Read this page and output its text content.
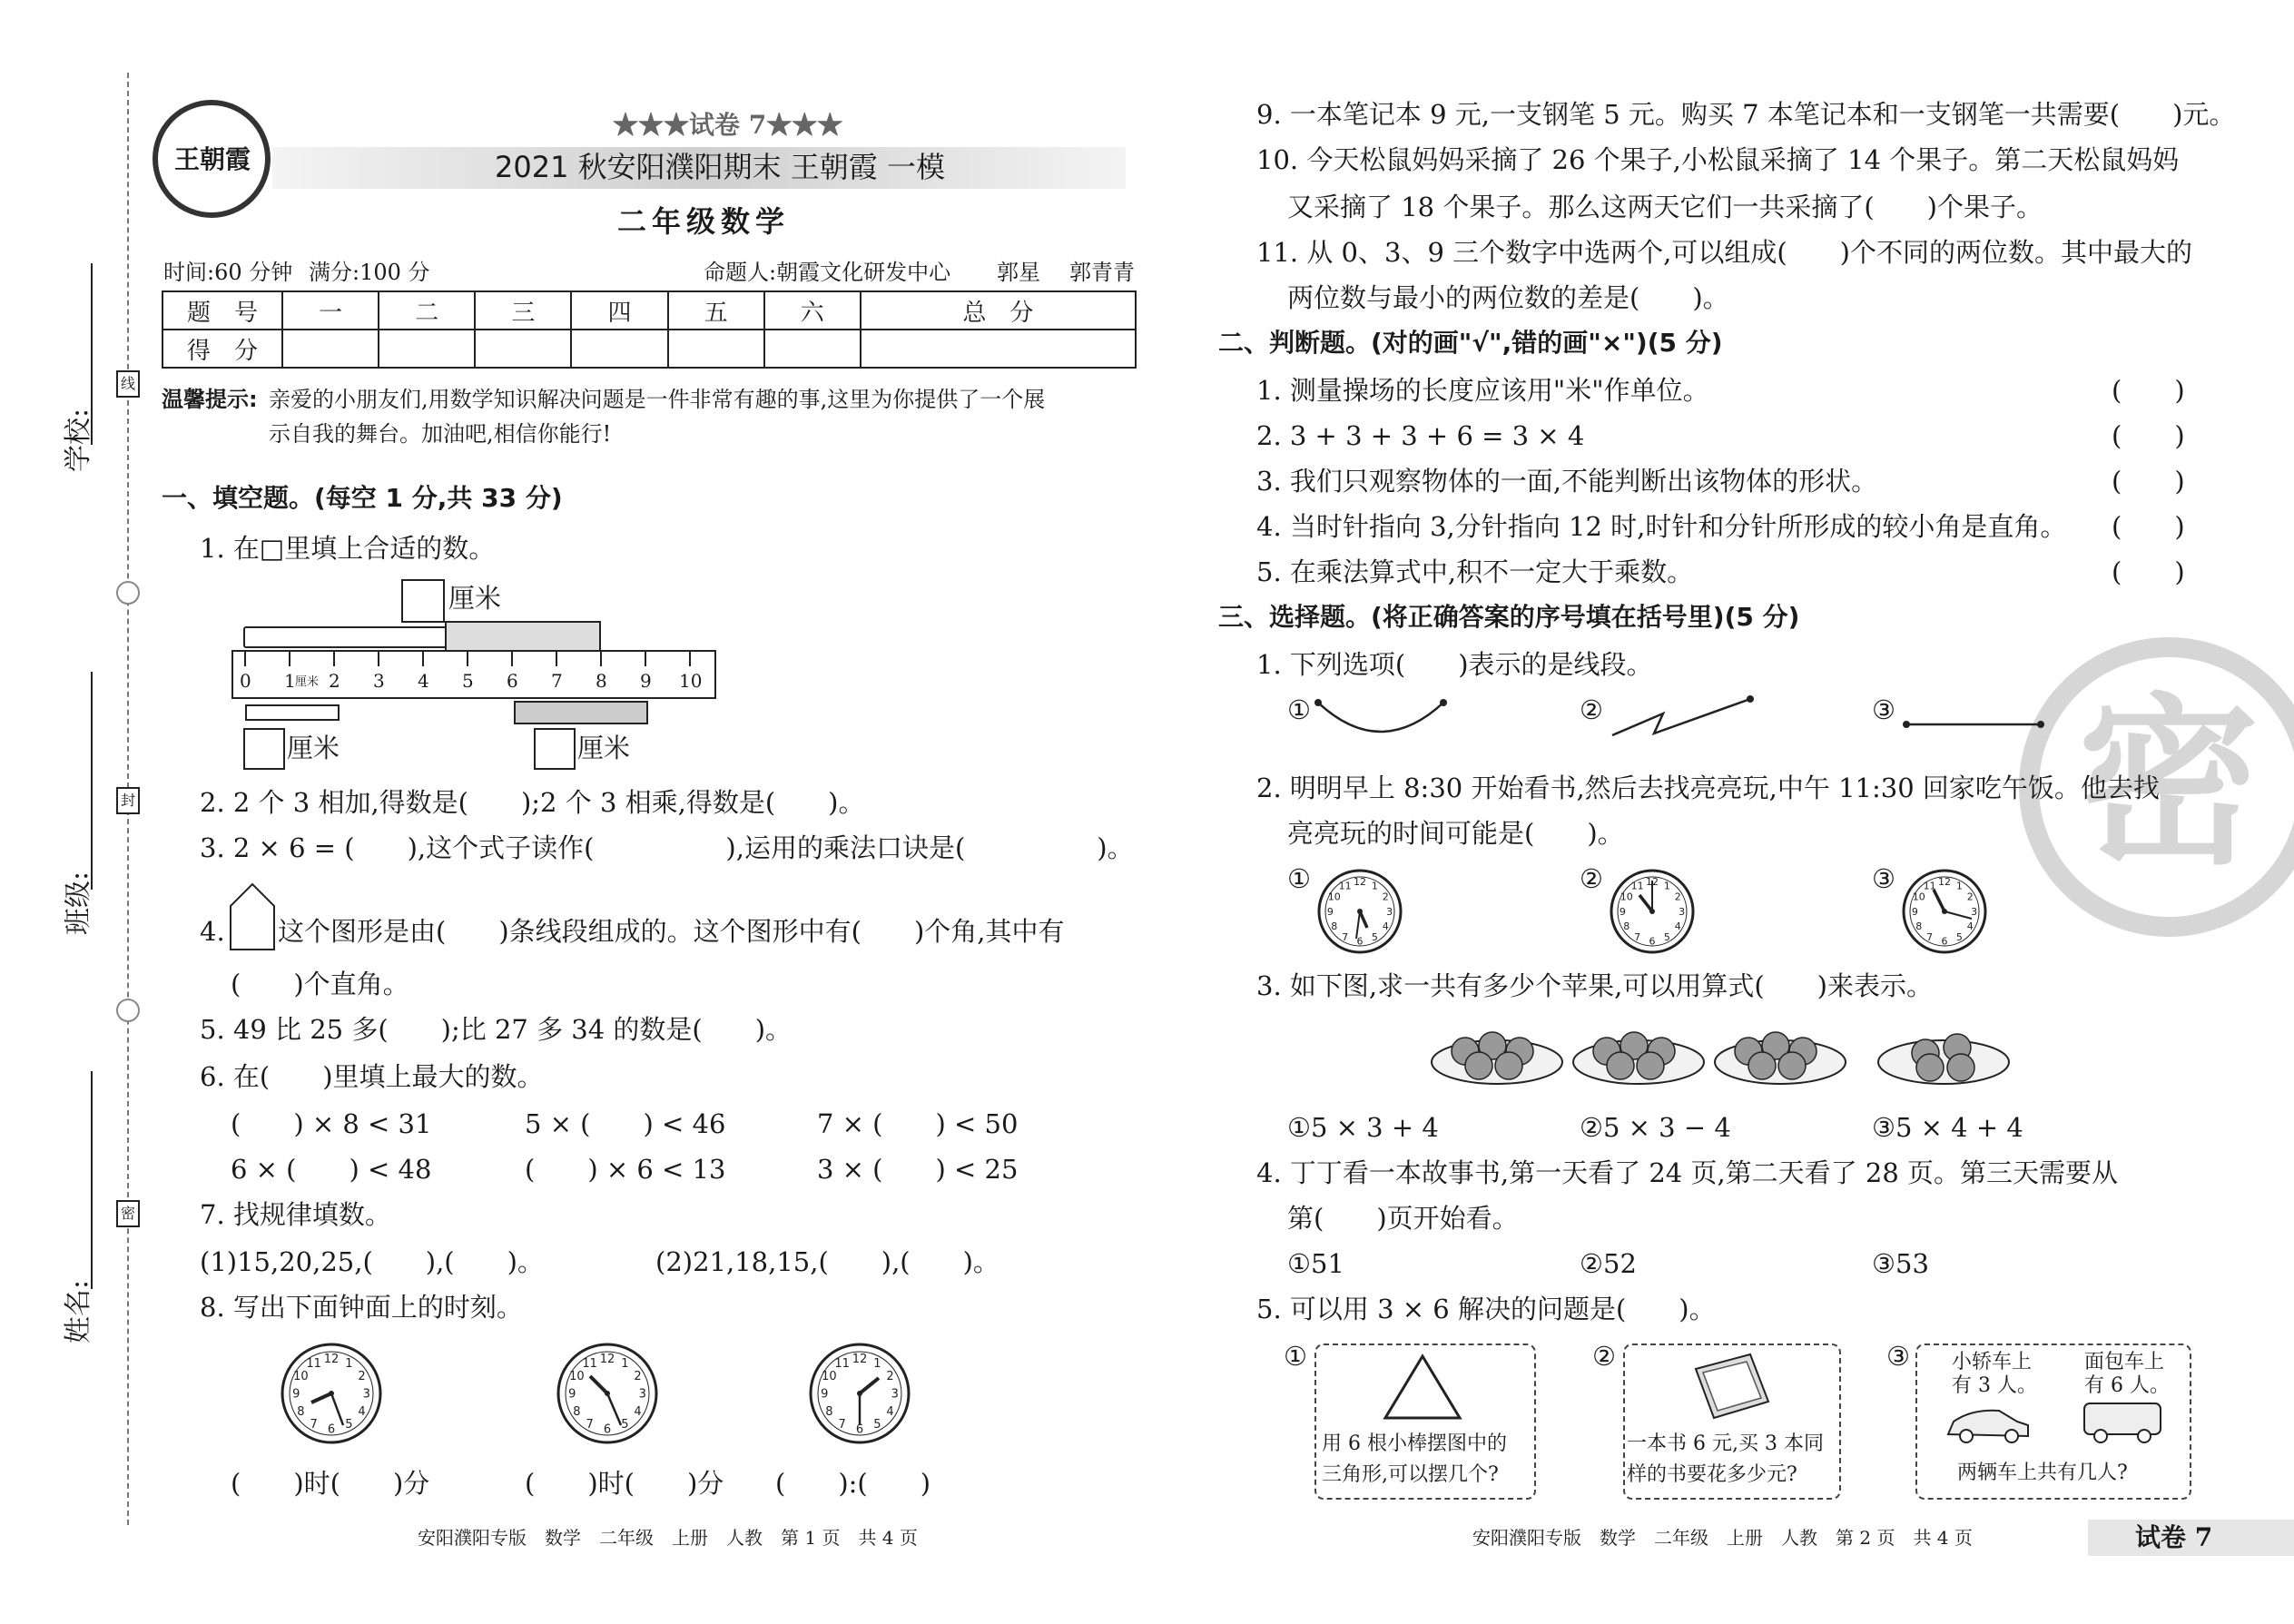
学校:
班级:
姓名:
线
封
密
王朝霞
★★★试卷 7★★★
2021 秋安阳濮阳期末 王朝霞 一模
二年级数学
时间:60 分钟 满分:100 分	命题人:朝霞文化研发中心 郭星 郭青青
题　号	一	二	三	四	五	六	总　分
得　分							
温馨提示: 亲爱的小朋友们,用数学知识解决问题是一件非常有趣的事,这里为你提供了一个展
示自我的舞台。加油吧,相信你能行!
一、填空题。(每空 1 分,共 33 分)
1. 在□里填上合适的数。
厘米
0 1 厘米 2 3 4 5 6 7 8 9 10
厘米	厘米
2. 2 个 3 相加,得数是(　　);2 个 3 相乘,得数是(　　)。
3. 2 × 6 = (　　),这个式子读作(　　　　　),运用的乘法口诀是(　　　　　)。
4. 这个图形是由(　　)条线段组成的。这个图形中有(　　)个角,其中有
(　　)个直角。
5. 49 比 25 多(　　);比 27 多 34 的数是(　　)。
6. 在(　　)里填上最大的数。
(　　) × 8 < 31	5 × (　　) < 46	7 × (　　) < 50
6 × (　　) < 48	(　　) × 6 < 13	3 × (　　) < 25
7. 找规律填数。
(1)15,20,25,(　　),(　　)。	(2)21,18,15,(　　),(　　)。
8. 写出下面钟面上的时刻。
12 1
2
3
4
5
6
7
8
9
10
11	12 1
2
3
4
5
6
7
8
9
10
11	12 1
2
3
4
5
6
7
8
9
10
11
(　　)时(　　)分	(　　)时(　　)分 (　　):(　　)
安阳濮阳专版　数学　二年级　上册　人教　第 1 页　共 4 页
密
9. 一本笔记本 9 元,一支钢笔 5 元。购买 7 本笔记本和一支钢笔一共需要(　　)元。
10. 今天松鼠妈妈采摘了 26 个果子,小松鼠采摘了 14 个果子。第二天松鼠妈妈
又采摘了 18 个果子。那么这两天它们一共采摘了(　　)个果子。
11. 从 0、3、9 三个数字中选两个,可以组成(　　)个不同的两位数。其中最大的
两位数与最小的两位数的差是(　　)。
二、判断题。(对的画"√",错的画"×")(5 分)
1. 测量操场的长度应该用"米"作单位。	(　　)
2. 3 + 3 + 3 + 6 = 3 × 4	(　　)
3. 我们只观察物体的一面,不能判断出该物体的形状。	(　　)
4. 当时针指向 3,分针指向 12 时,时针和分针所形成的较小角是直角。 (　　)
5. 在乘法算式中,积不一定大于乘数。	(　　)
三、选择题。(将正确答案的序号填在括号里)(5 分)
1. 下列选项(　　)表示的是线段。
①	②	③
2. 明明早上 8:30 开始看书,然后去找亮亮玩,中午 11:30 回家吃午饭。他去找
亮亮玩的时间可能是(　　)。
①	12 1
2
3
4
5
6
7
8
9
10
11	②	12 1
2
3
4
5
6
7
8
9
10
11	③	12 1
2
3
4
5
6
7
8
9
10
11
3. 如下图,求一共有多少个苹果,可以用算式(　　)来表示。
①5 × 3 + 4	②5 × 3 − 4	③5 × 4 + 4
4. 丁丁看一本故事书,第一天看了 24 页,第二天看了 28 页。第三天需要从
第(　　)页开始看。
①51	②52	③53
5. 可以用 3 × 6 解决的问题是(　　)。
①
用 6 根小棒摆图中的
三角形,可以摆几个?
②
一本书 6 元,买 3 本同
样的书要花多少元?
③ 小轿车上
有 3 人。
面包车上
有 6 人。
两辆车上共有几人?
安阳濮阳专版　数学　二年级　上册　人教　第 2 页　共 4 页	试卷 7
